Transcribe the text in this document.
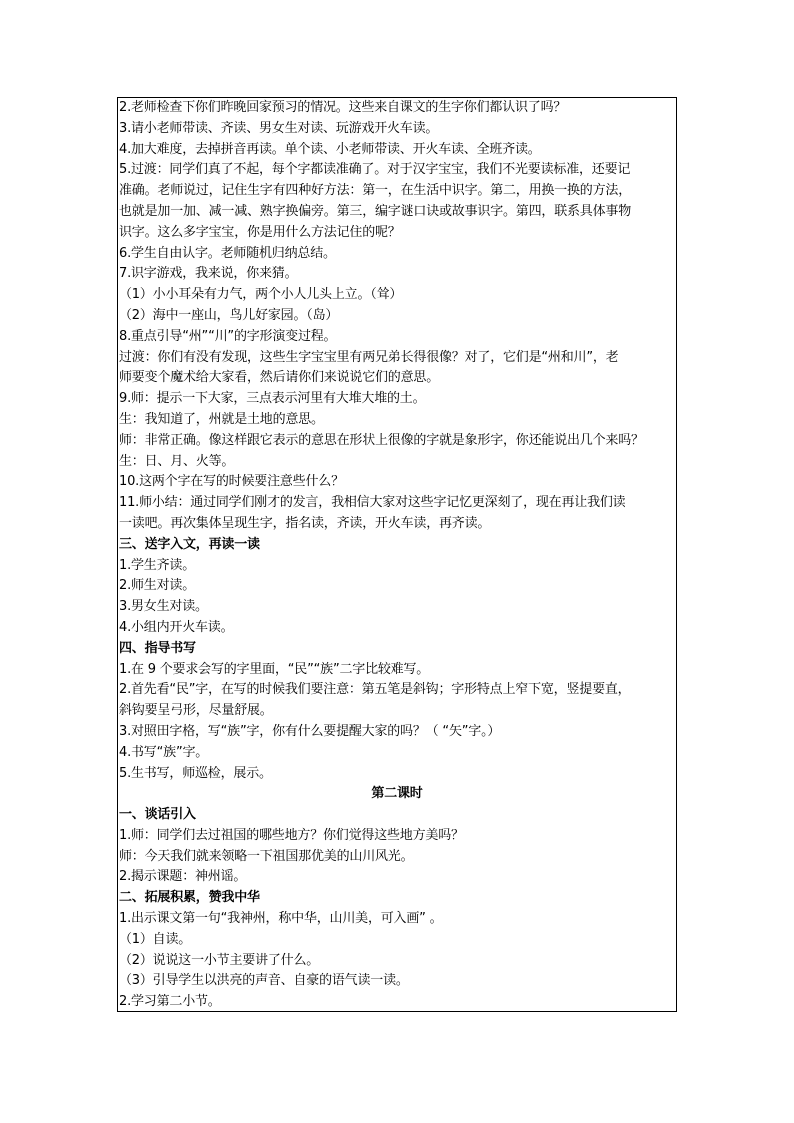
2.老师检查下你们昨晚回家预习的情况。这些来自课文的生字你们都认识了吗？
3.请小老师带读、齐读、男女生对读、玩游戏开火车读。
4.加大难度，去掉拼音再读。单个读、小老师带读、开火车读、全班齐读。
5.过渡：同学们真了不起，每个字都读准确了。对于汉字宝宝，我们不光要读标准，还要记
准确。老师说过，记住生字有四种好方法：第一，在生活中识字。第二，用换一换的方法，
也就是加一加、减一减、熟字换偏旁。第三，编字谜口诀或故事识字。第四，联系具体事物
识字。这么多字宝宝，你是用什么方法记住的呢？
6.学生自由认字。老师随机归纳总结。
7.识字游戏，我来说，你来猜。
（1）小小耳朵有力气，两个小人儿头上立。（耸）
（2）海中一座山，鸟儿好家园。（岛）
8.重点引导“州”“川”的字形演变过程。
过渡：你们有没有发现，这些生字宝宝里有两兄弟长得很像？对了，它们是“州和川”，老
师要变个魔术给大家看，然后请你们来说说它们的意思。
9.师：提示一下大家，三点表示河里有大堆大堆的土。
生：我知道了，州就是土地的意思。
师：非常正确。像这样跟它表示的意思在形状上很像的字就是象形字，你还能说出几个来吗？
生：日、月、火等。
10.这两个字在写的时候要注意些什么？
11.师小结：通过同学们刚才的发言，我相信大家对这些字记忆更深刻了，现在再让我们读
一读吧。再次集体呈现生字，指名读，齐读，开火车读，再齐读。
三、送字入文，再读一读
1.学生齐读。
2.师生对读。
3.男女生对读。
4.小组内开火车读。
四、指导书写
1.在 9 个要求会写的字里面，“民”“族”二字比较难写。
2.首先看“民”字，在写的时候我们要注意：第五笔是斜钩；字形特点上窄下宽，竖提要直，
斜钩要呈弓形，尽量舒展。
3.对照田字格，写“族”字，你有什么要提醒大家的吗？（ “矢”字。）
4.书写“族”字。
5.生书写，师巡检，展示。
第二课时
一、谈话引入
1.师：同学们去过祖国的哪些地方？你们觉得这些地方美吗？
师：今天我们就来领略一下祖国那优美的山川风光。
2.揭示课题：神州谣。
二、拓展积累，赞我中华
1.出示课文第一句“我神州，称中华，山川美，可入画” 。
（1）自读。
（2）说说这一小节主要讲了什么。
（3）引导学生以洪亮的声音、自豪的语气读一读。
2.学习第二小节。
